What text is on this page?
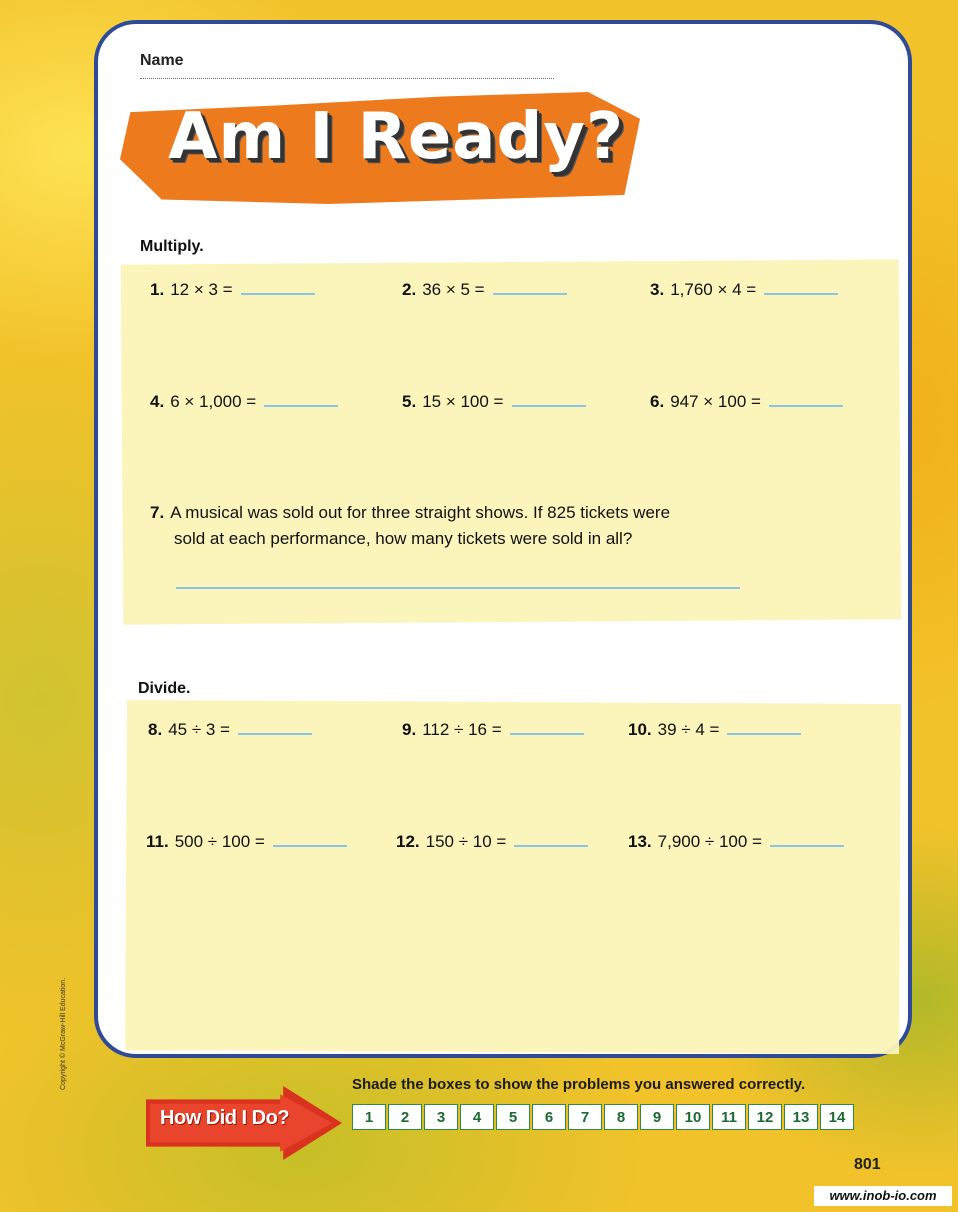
Name
Am I Ready?
Multiply.
1. 12 × 3 =	2. 36 × 5 =	3. 1,760 × 4 =
4. 6 × 1,000 =	5. 15 × 100 =	6. 947 × 100 =
7. A musical was sold out for three straight shows. If 825 tickets were
sold at each performance, how many tickets were sold in all?
Divide.
8. 45 ÷ 3 =	9. 112 ÷ 16 =	10. 39 ÷ 4 =
11. 500 ÷ 100 =	12. 150 ÷ 10 =	13. 7,900 ÷ 100 =
Copyright © McGraw-Hill Education.	Shade the boxes to show the problems you answered correctly.
How Did I Do?	1	2	3	4	5	6	7	8	9	10	11	12	13	14
801
www.inob-io.com
